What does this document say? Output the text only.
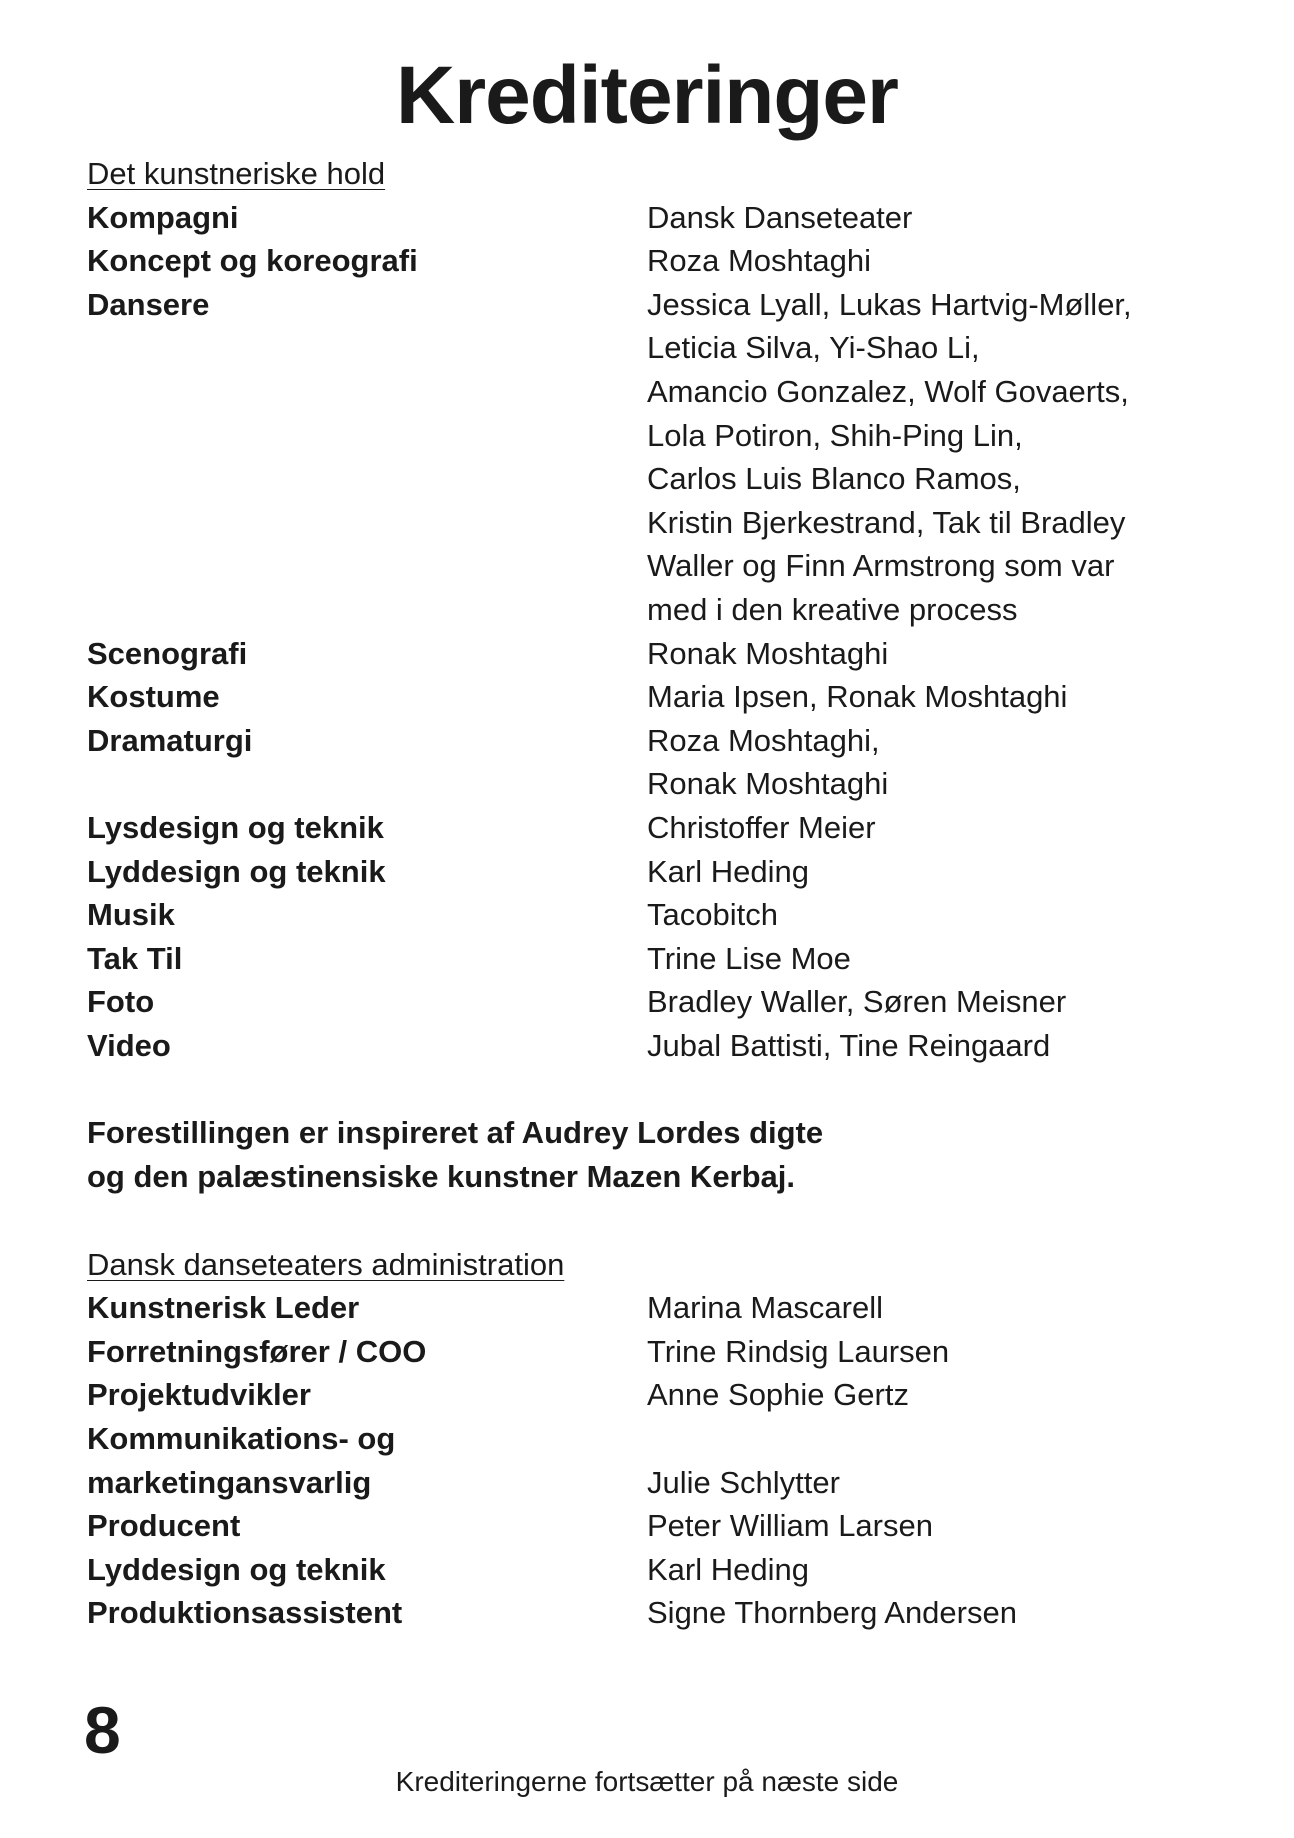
Krediteringer
Det kunstneriske hold
Kompagni	Dansk Danseteater
Koncept og koreografi	Roza Moshtaghi
Dansere	Jessica Lyall, Lukas Hartvig-Møller,
Leticia Silva, Yi-Shao Li,
Amancio Gonzalez, Wolf Govaerts,
Lola Potiron, Shih-Ping Lin,
Carlos Luis Blanco Ramos,
Kristin Bjerkestrand, Tak til Bradley
Waller og Finn Armstrong som var
med i den kreative process
Scenografi	Ronak Moshtaghi
Kostume	Maria Ipsen, Ronak Moshtaghi
Dramaturgi	Roza Moshtaghi,
Ronak Moshtaghi
Lysdesign og teknik	Christoffer Meier
Lyddesign og teknik	Karl Heding
Musik	Tacobitch
Tak Til	Trine Lise Moe
Foto	Bradley Waller, Søren Meisner
Video	Jubal Battisti, Tine Reingaard
Forestillingen er inspireret af Audrey Lordes digte
og den palæstinensiske kunstner Mazen Kerbaj.
Dansk danseteaters administration
Kunstnerisk Leder	Marina Mascarell
Forretningsfører / COO	Trine Rindsig Laursen
Projektudvikler	Anne Sophie Gertz
Kommunikations- og
marketingansvarlig
	Julie Schlytter
Producent	Peter William Larsen
Lyddesign og teknik	Karl Heding
Produktionsassistent	Signe Thornberg Andersen
8
Krediteringerne fortsætter på næste side
